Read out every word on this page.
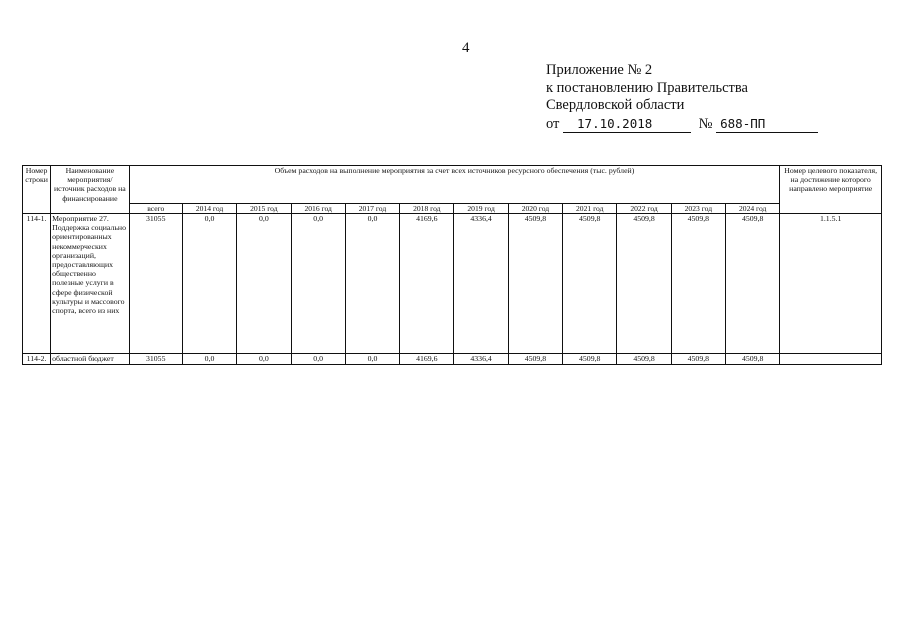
4
Приложение № 2
к постановлению Правительства
Свердловской области
от 17.10.2018	№ 688-ПП
Номер строки	Наименование мероприятия/ источник расходов на финансирование	Объем расходов на выполнение мероприятия за счет всех источников ресурсного обеспечения (тыс. рублей)												Номер целевого показателя, на достижение которого направлено мероприятие
		всего	2014 год	2015 год	2016 год	2017 год	2018 год	2019 год	2020 год	2021 год	2022 год	2023 год	2024 год	
114-1.	Мероприятие 27. Поддержка социально ориентированных некоммерческих организаций, предоставляющих общественно полезные услуги в сфере физической культуры и массового спорта, всего из них	31055	0,0	0,0	0,0	0,0	4169,6	4336,4	4509,8	4509,8	4509,8	4509,8	4509,8	1.1.5.1
114-2.	областной бюджет	31055	0,0	0,0	0,0	0,0	4169,6	4336,4	4509,8	4509,8	4509,8	4509,8	4509,8	
